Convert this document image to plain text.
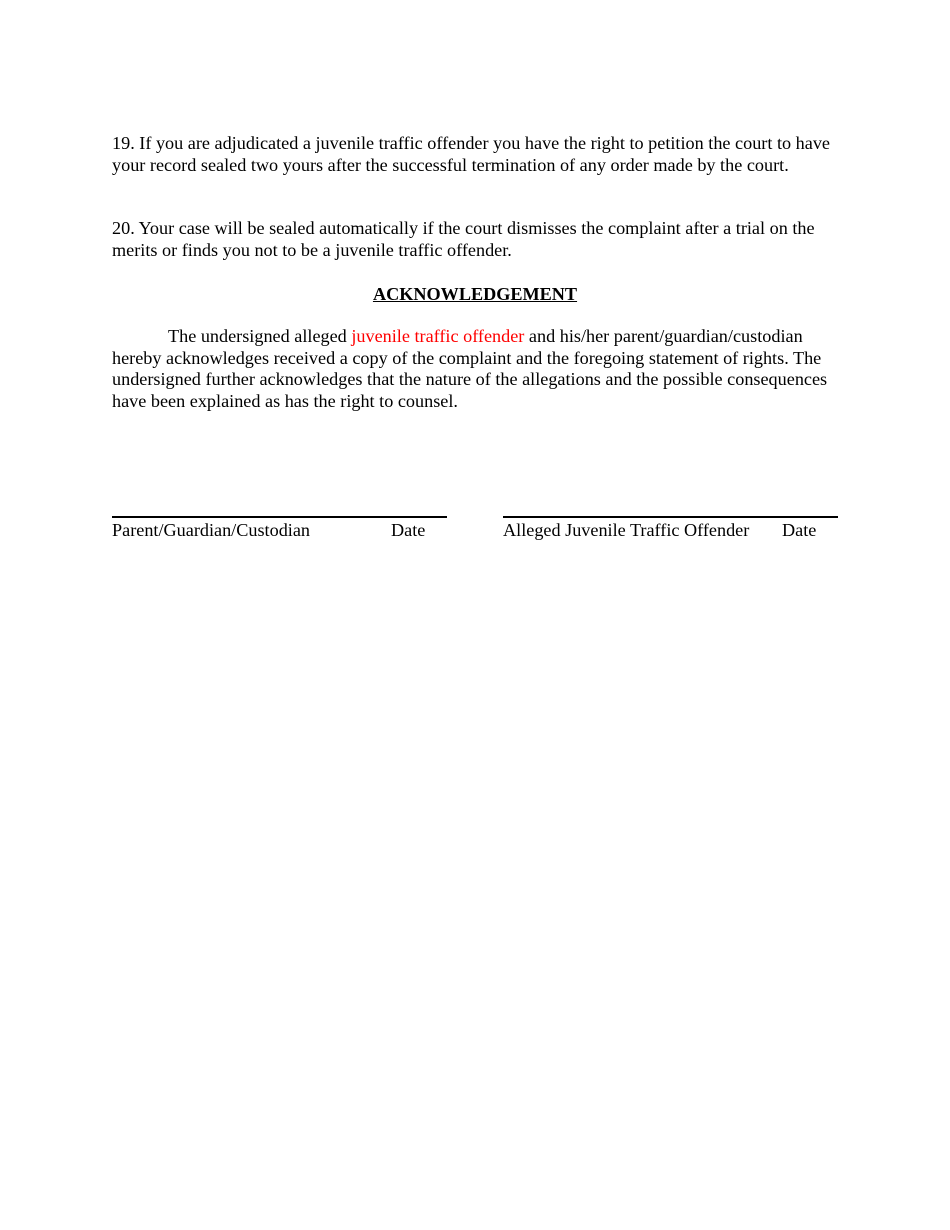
19. If you are adjudicated a juvenile traffic offender you have the right to petition the court to have your record sealed two yours after the successful termination of any order made by the court.

20. Your case will be sealed automatically if the court dismisses the complaint after a trial on the merits or finds you not to be a juvenile traffic offender.

ACKNOWLEDGEMENT

The undersigned alleged juvenile traffic offender and his/her parent/guardian/custodian hereby acknowledges received a copy of the complaint and the foregoing statement of rights. The undersigned further acknowledges that the nature of the allegations and the possible consequences have been explained as has the right to counsel.

Parent/Guardian/Custodian	Date	Alleged Juvenile Traffic Offender Date
